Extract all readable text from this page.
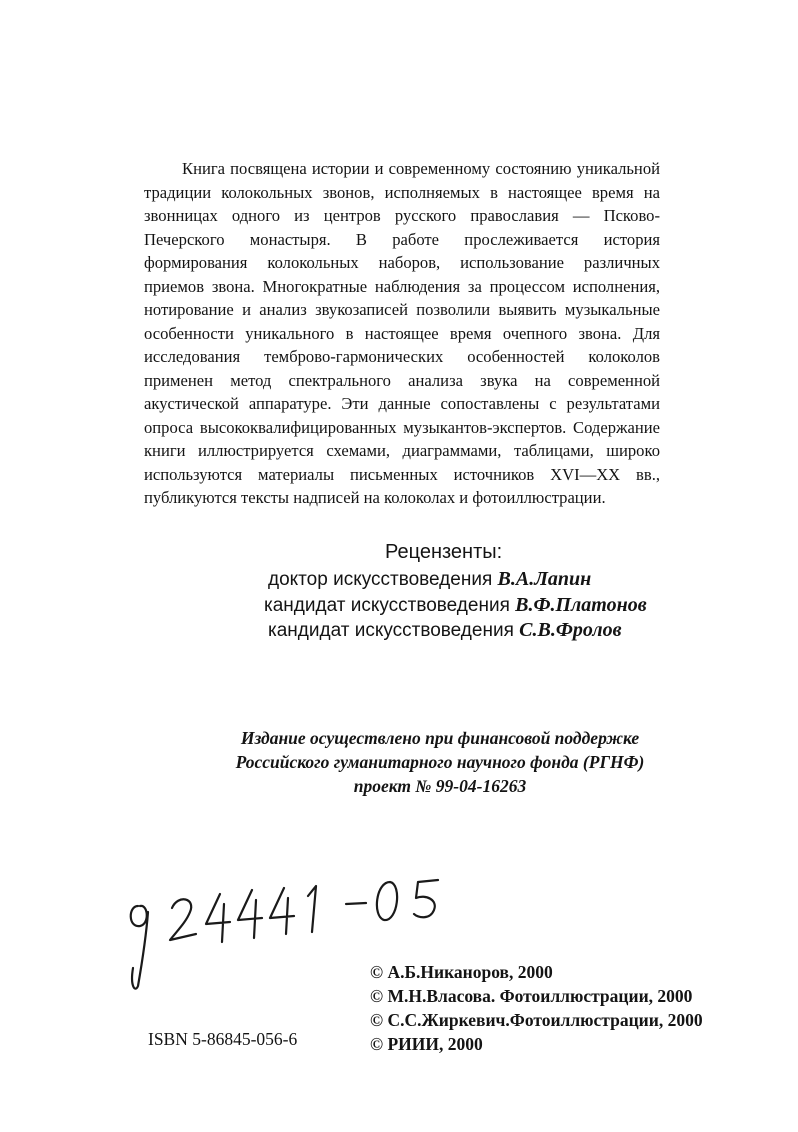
Книга посвящена истории и современному состоянию уникальной традиции колокольных звонов, исполняемых в настоящее время на звонницах одного из центров русского православия — Псково-Печерского монастыря. В работе прослеживается история формирования колокольных наборов, использование различных приемов звона. Многократные наблюдения за процессом исполнения, нотирование и анализ звукозаписей позволили выявить музыкальные особенности уникального в настоящее время очепного звона. Для исследования темброво-гармонических особенностей колоколов применен метод спектрального анализа звука на современной акустической аппаратуре. Эти данные сопоставлены с результатами опроса высококвалифицированных музыкантов-экспертов. Содержание книги иллюстрируется схемами, диаграммами, таблицами, широко используются материалы письменных источников XVI—XX вв., публикуются тексты надписей на колоколах и фотоиллюстрации.

Рецензенты:
доктор искусствоведения В.А.Лапин
кандидат искусствоведения В.Ф.Платонов
кандидат искусствоведения С.В.Фролов
Издание осуществлено при финансовой поддержке
Российского гуманитарного научного фонда (РГНФ)
проект № 99-04-16263
© А.Б.Никаноров, 2000
© М.Н.Власова. Фотоиллюстрации, 2000
© С.С.Жиркевич.Фотоиллюстрации, 2000
© РИИИ, 2000
ISBN 5-86845-056-6
